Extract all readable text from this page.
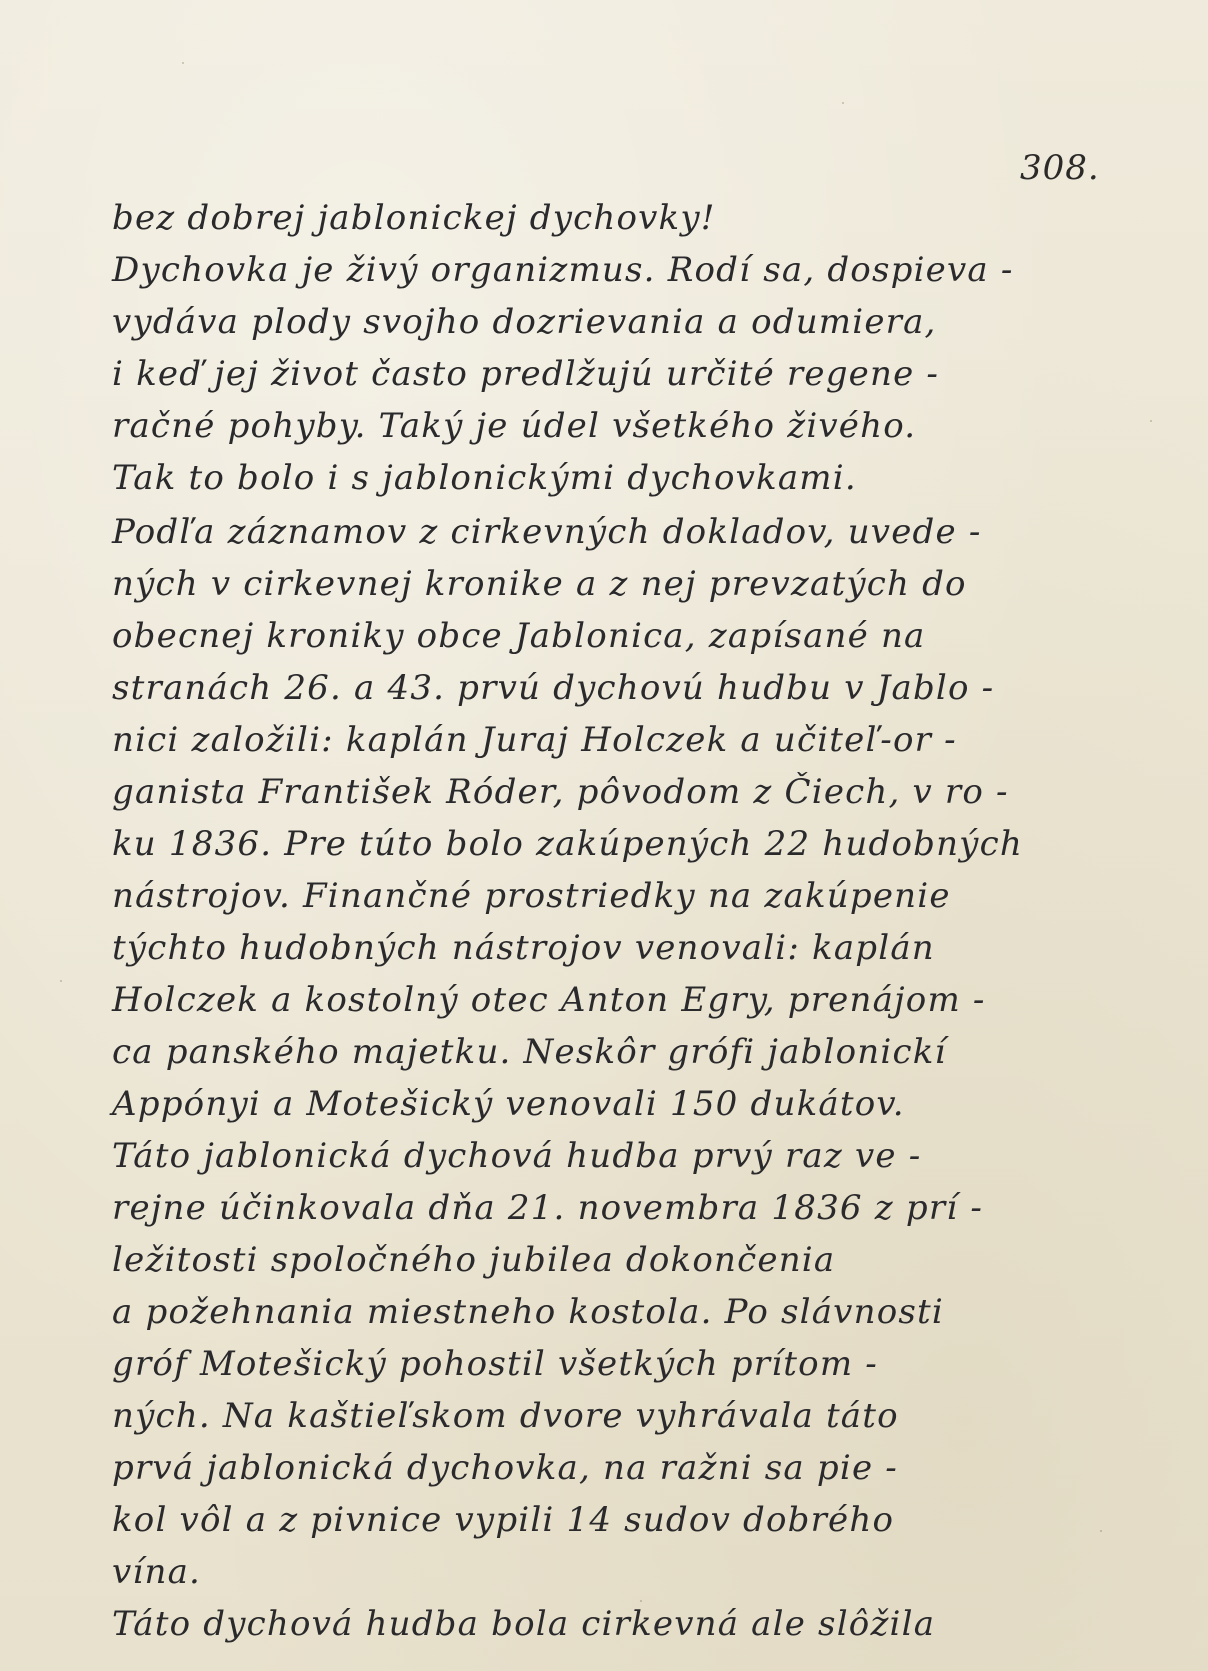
308.
bez dobrej jablonickej dychovky!
Dychovka je živý organizmus. Rodí sa, dospieva -
vydáva plody svojho dozrievania a odumiera,
i keď jej život často predlžujú určité regene -
račné pohyby. Taký je údel všetkého živého.
Tak to bolo i s jablonickými dychovkami.
Podľa záznamov z cirkevných dokladov, uvede -
ných v cirkevnej kronike a z nej prevzatých do
obecnej kroniky obce Jablonica, zapísané na
stranách 26. a 43. prvú dychovú hudbu v Jablo -
nici založili: kaplán Juraj Holczek a učiteľ-or -
ganista František Róder, pôvodom z Čiech, v ro -
ku 1836. Pre túto bolo zakúpených 22 hudobných
nástrojov. Finančné prostriedky na zakúpenie
týchto hudobných nástrojov venovali: kaplán
Holczek a kostolný otec Anton Egry, prenájom -
ca panského majetku. Neskôr grófi jablonickí
Appónyi a Motešický venovali 150 dukátov.
Táto jablonická dychová hudba prvý raz ve -
rejne účinkovala dňa 21. novembra 1836 z prí -
ležitosti spoločného jubilea dokončenia
a požehnania miestneho kostola. Po slávnosti
gróf Motešický pohostil všetkých prítom -
ných. Na kaštieľskom dvore vyhrávala táto
prvá jablonická dychovka, na ražni sa pie -
kol vôl a z pivnice vypili 14 sudov dobrého
vína.
Táto dychová hudba bola cirkevná ale slôžila
